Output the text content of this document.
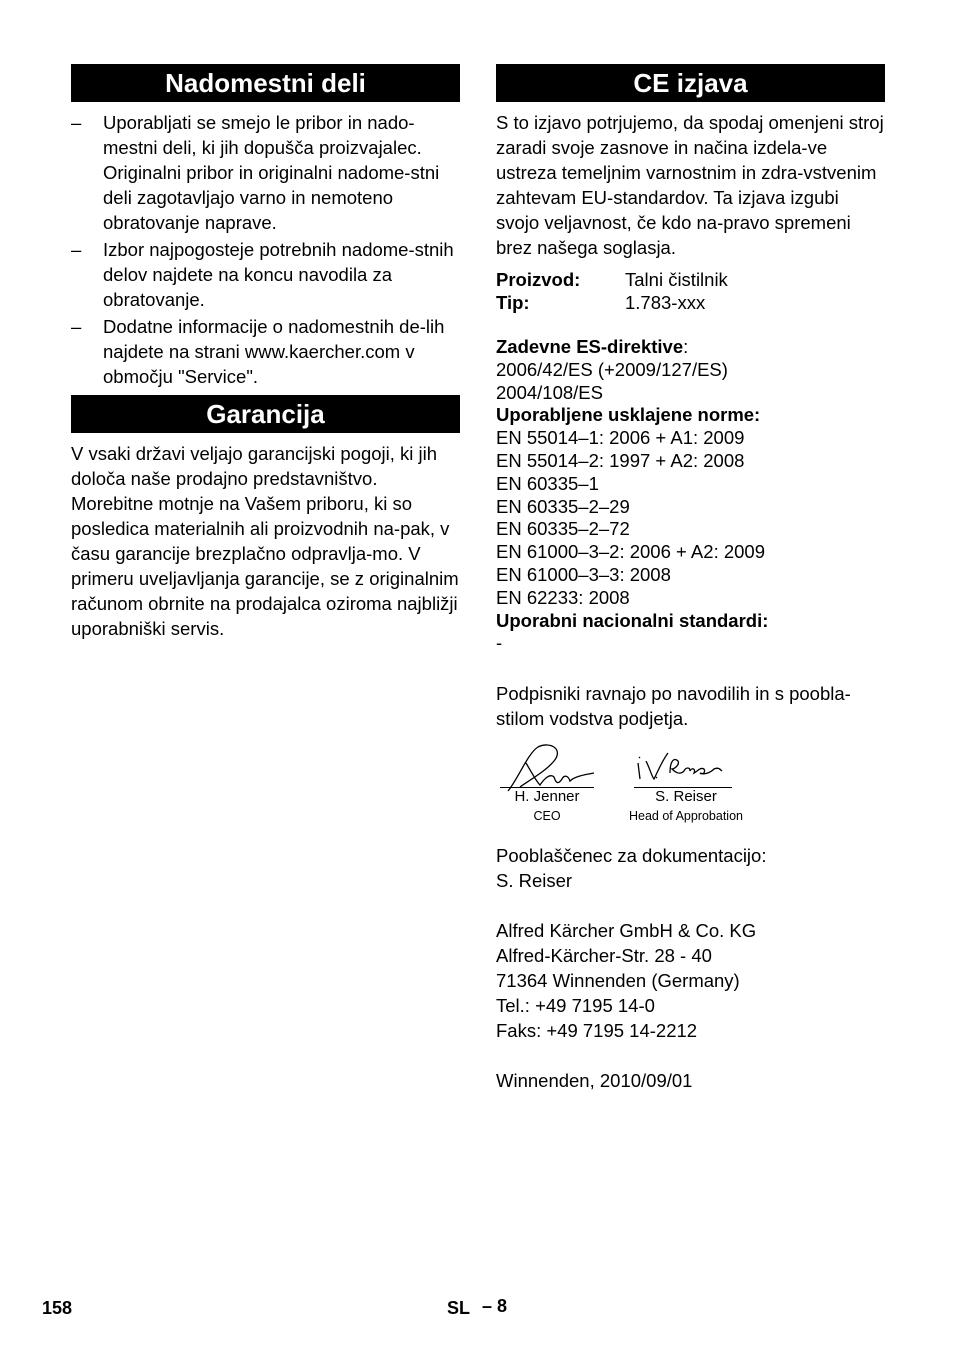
Nadomestni deli
– Uporabljati se smejo le pribor in nado-mestni deli, ki jih dopušča proizvajalec. Originalni pribor in originalni nadome-stni deli zagotavljajo varno in nemoteno obratovanje naprave.
– Izbor najpogosteje potrebnih nadome-stnih delov najdete na koncu navodila za obratovanje.
– Dodatne informacije o nadomestnih de-lih najdete na strani www.kaercher.com v območju "Service".
Garancija

V vsaki državi veljajo garancijski pogoji, ki jih določa naše prodajno predstavništvo. Morebitne motnje na Vašem priboru, ki so posledica materialnih ali proizvodnih na-pak, v času garancije brezplačno odpravlja-mo. V primeru uveljavljanja garancije, se z originalnim računom obrnite na prodajalca oziroma najbližji uporabniški servis.

CE izjava

S to izjavo potrjujemo, da spodaj omenjeni stroj zaradi svoje zasnove in načina izdela-ve ustreza temeljnim varnostnim in zdra-vstvenim zahtevam EU-standardov. Ta izjava izgubi svojo veljavnost, če kdo na-pravo spremeni brez našega soglasja.

Proizvod:	Talni čistilnik
Tip:	1.783-xxx
Zadevne ES-direktive:
2006/42/ES (+2009/127/ES)
2004/108/ES
Uporabljene usklajene norme:
EN 55014–1: 2006 + A1: 2009
EN 55014–2: 1997 + A2: 2008
EN 60335–1
EN 60335–2–29
EN 60335–2–72
EN 61000–3–2: 2006 + A2: 2009
EN 61000–3–3: 2008
EN 62233: 2008
Uporabni nacionalni standardi:
-

Podpisniki ravnajo po navodilih in s poobla-stilom vodstva podjetja.

H. Jenner
CEO
S. Reiser
Head of Approbation

Pooblaščenec za dokumentacijo:

S. Reiser

Alfred Kärcher GmbH & Co. KG

Alfred-Kärcher-Str. 28 - 40

71364 Winnenden (Germany)

Tel.: +49 7195 14-0

Faks: +49 7195 14-2212

Winnenden, 2010/09/01

158	SL – 8
